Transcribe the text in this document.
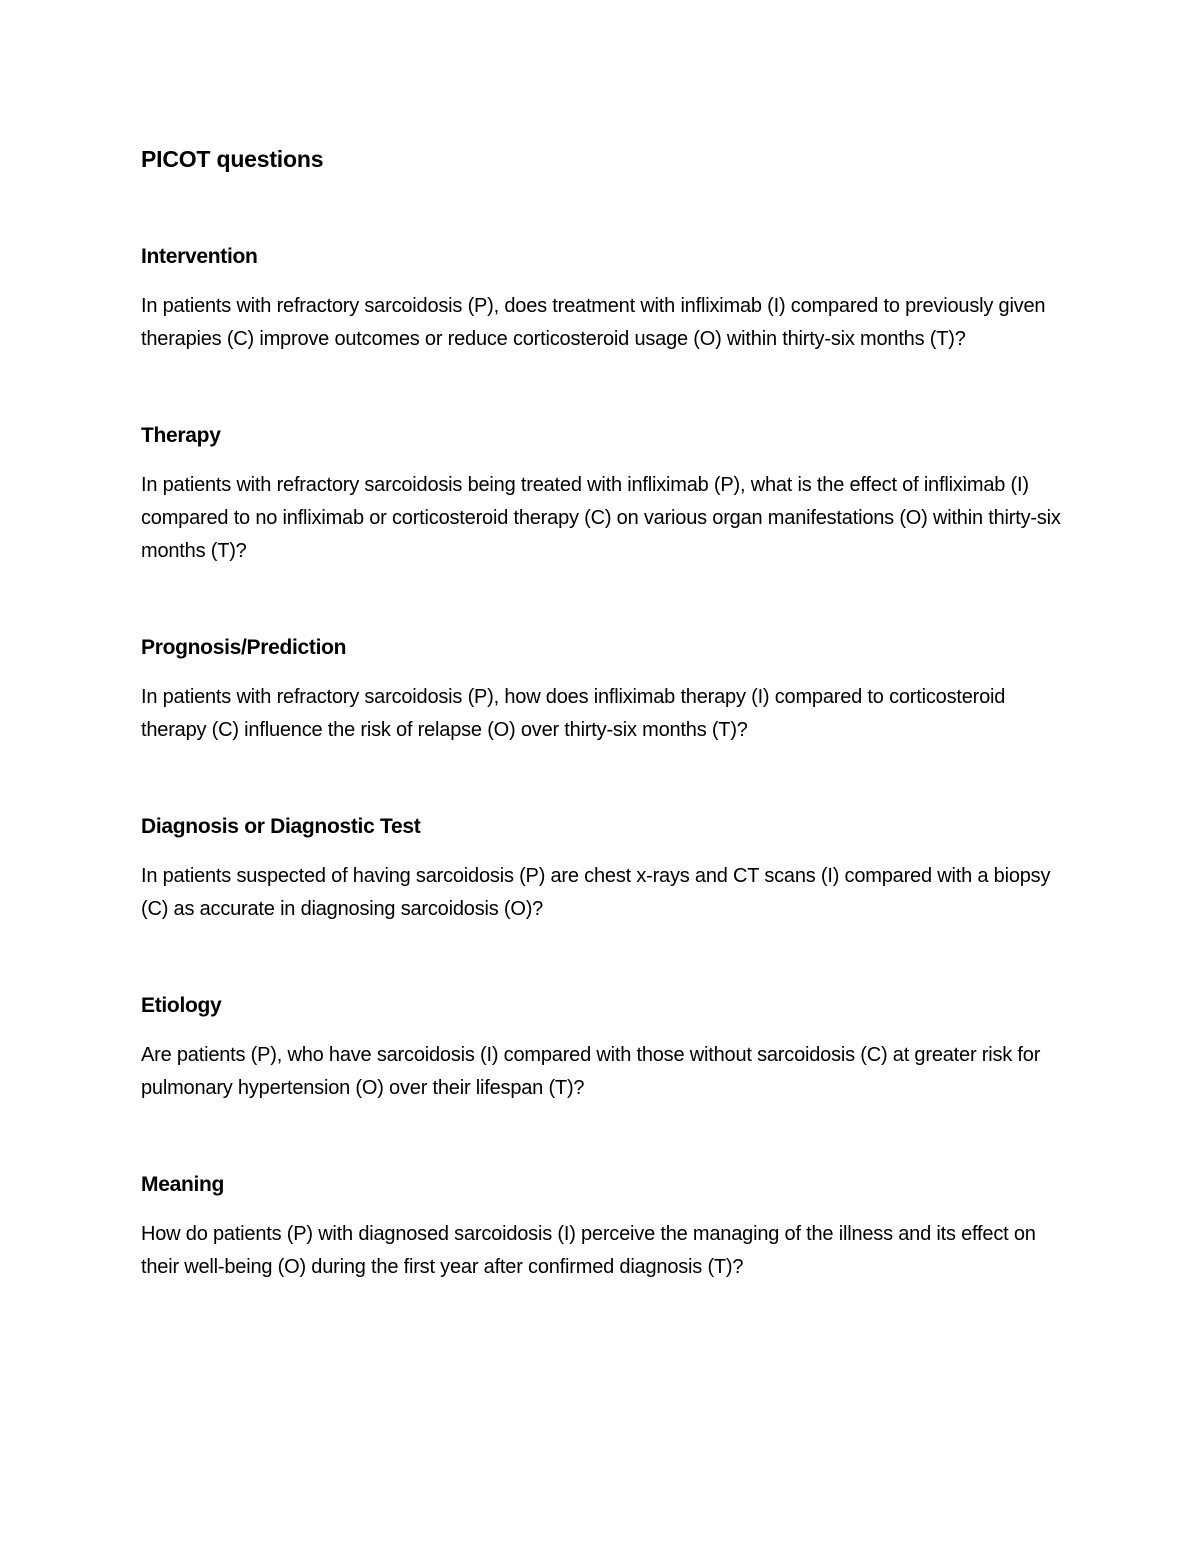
PICOT questions
Intervention

In patients with refractory sarcoidosis (P), does treatment with infliximab (I) compared to previously given therapies (C) improve outcomes or reduce corticosteroid usage (O) within thirty-six months (T)?

Therapy

In patients with refractory sarcoidosis being treated with infliximab (P), what is the effect of infliximab (I) compared to no infliximab or corticosteroid therapy (C) on various organ manifestations (O) within thirty-six months (T)?

Prognosis/Prediction

In patients with refractory sarcoidosis (P), how does infliximab therapy (I) compared to corticosteroid therapy (C) influence the risk of relapse (O) over thirty-six months (T)?

Diagnosis or Diagnostic Test

In patients suspected of having sarcoidosis (P) are chest x-rays and CT scans (I) compared with a biopsy (C) as accurate in diagnosing sarcoidosis (O)?

Etiology

Are patients (P), who have sarcoidosis (I) compared with those without sarcoidosis (C) at greater risk for pulmonary hypertension (O) over their lifespan (T)?

Meaning

How do patients (P) with diagnosed sarcoidosis (I) perceive the managing of the illness and its effect on their well-being (O) during the first year after confirmed diagnosis (T)?
